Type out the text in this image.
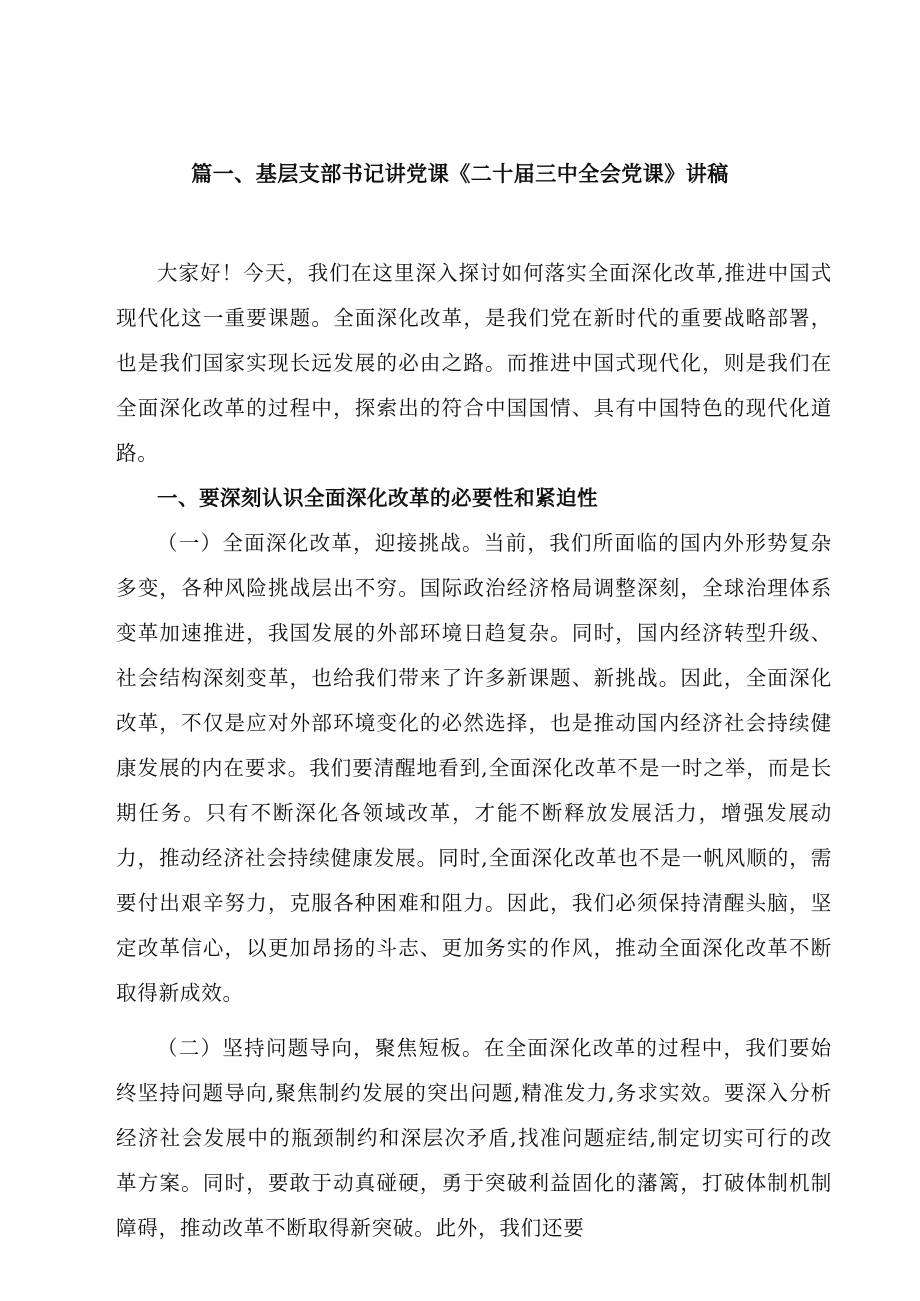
篇一、基层支部书记讲党课《二十届三中全会党课》讲稿

大家好！今天，我们在这里深入探讨如何落实全面深化改革,推进中国式现代化这一重要课题。全面深化改革，是我们党在新时代的重要战略部署，也是我们国家实现长远发展的必由之路。而推进中国式现代化，则是我们在全面深化改革的过程中，探索出的符合中国国情、具有中国特色的现代化道路。

一、要深刻认识全面深化改革的必要性和紧迫性

（一）全面深化改革，迎接挑战。当前，我们所面临的国内外形势复杂多变，各种风险挑战层出不穷。国际政治经济格局调整深刻，全球治理体系变革加速推进，我国发展的外部环境日趋复杂。同时，国内经济转型升级、社会结构深刻变革，也给我们带来了许多新课题、新挑战。因此，全面深化改革，不仅是应对外部环境变化的必然选择，也是推动国内经济社会持续健康发展的内在要求。我们要清醒地看到,全面深化改革不是一时之举，而是长期任务。只有不断深化各领域改革，才能不断释放发展活力，增强发展动力，推动经济社会持续健康发展。同时,全面深化改革也不是一帆风顺的，需要付出艰辛努力，克服各种困难和阻力。因此，我们必须保持清醒头脑，坚定改革信心，以更加昂扬的斗志、更加务实的作风，推动全面深化改革不断取得新成效。

（二）坚持问题导向，聚焦短板。在全面深化改革的过程中，我们要始终坚持问题导向,聚焦制约发展的突出问题,精准发力,务求实效。要深入分析经济社会发展中的瓶颈制约和深层次矛盾,找准问题症结,制定切实可行的改革方案。同时，要敢于动真碰硬，勇于突破利益固化的藩篱，打破体制机制障碍，推动改革不断取得新突破。此外，我们还要
